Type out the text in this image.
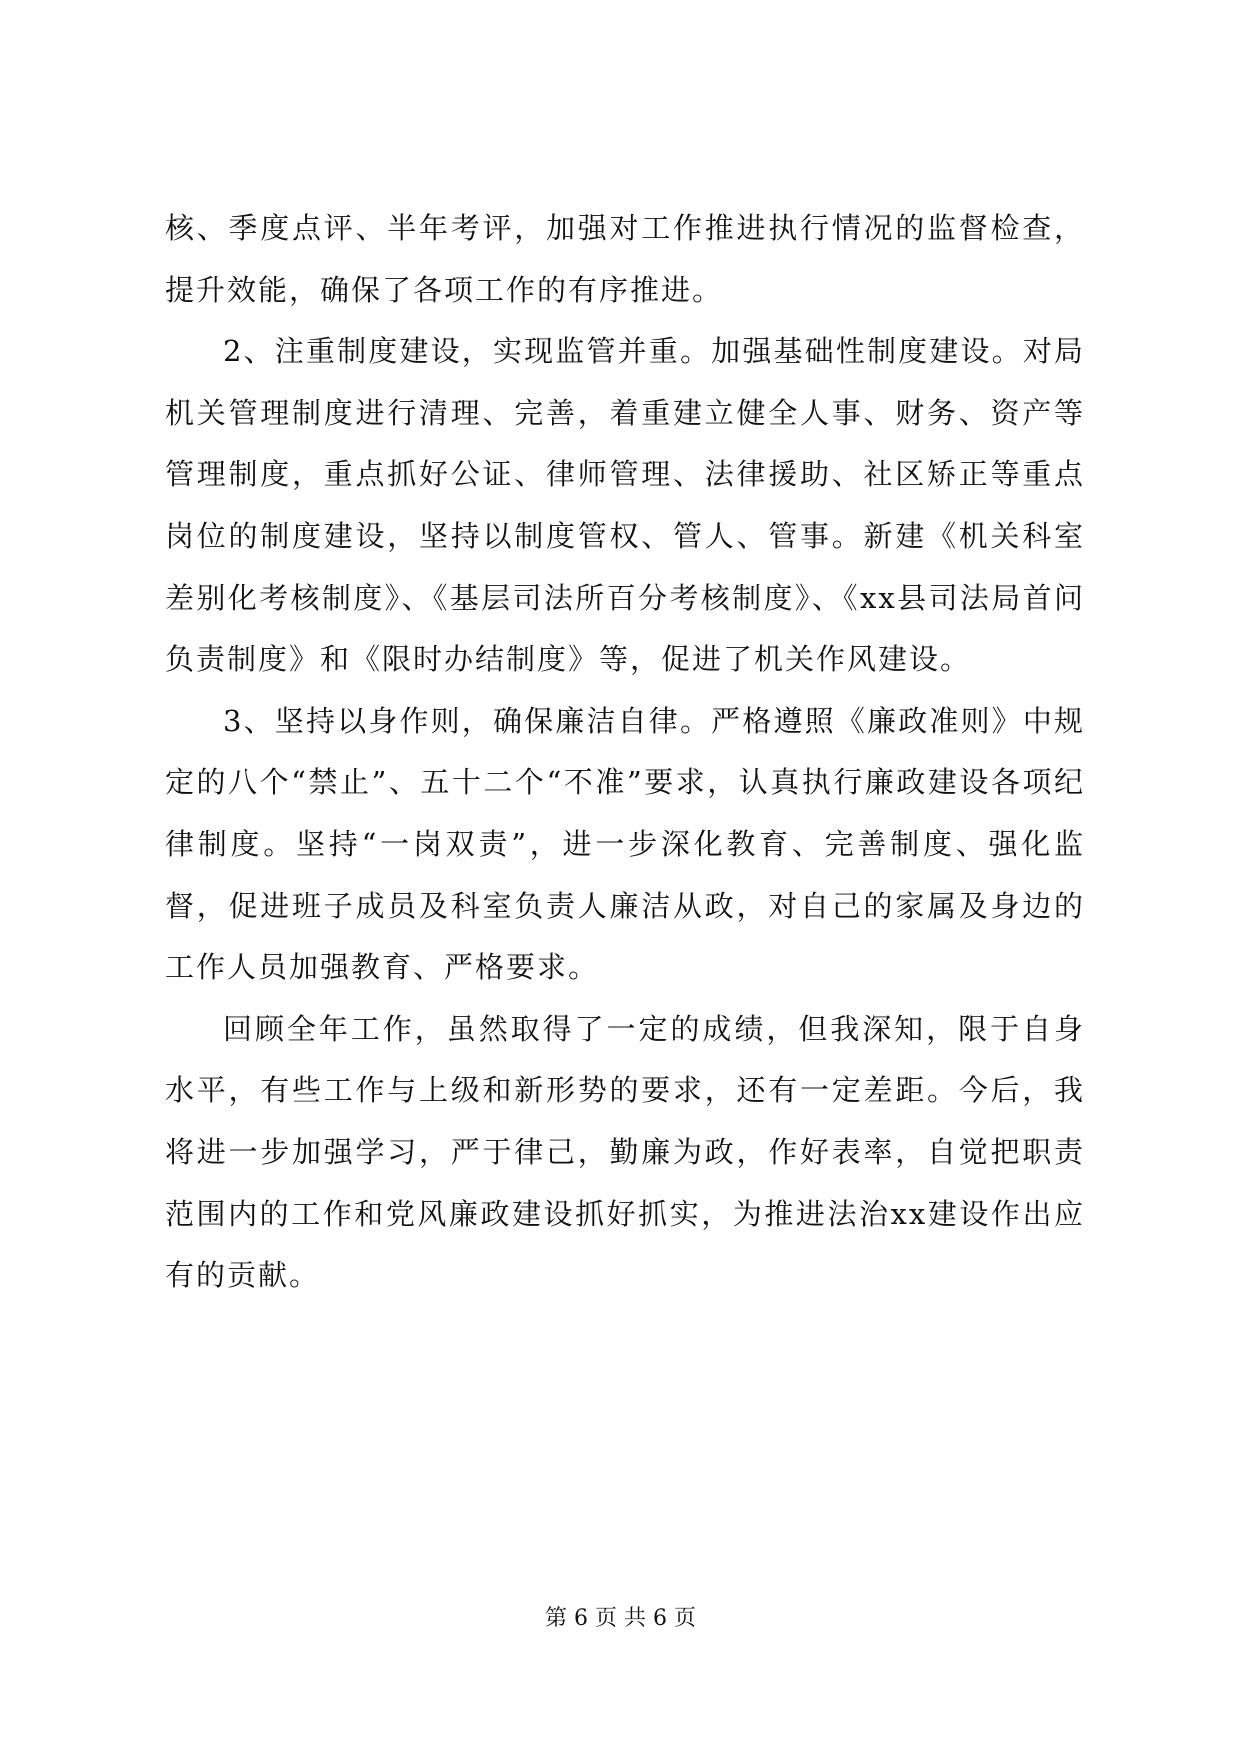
核、季度点评、半年考评，加强对工作推进执行情况的监督检查，提升效能，确保了各项工作的有序推进。

2、注重制度建设，实现监管并重。加强基础性制度建设。对局机关管理制度进行清理、完善，着重建立健全人事、财务、资产等管理制度，重点抓好公证、律师管理、法律援助、社区矫正等重点岗位的制度建设，坚持以制度管权、管人、管事。新建《机关科室差别化考核制度》、《基层司法所百分考核制度》、《xx县司法局首问负责制度》和《限时办结制度》等，促进了机关作风建设。

3、坚持以身作则，确保廉洁自律。严格遵照《廉政准则》中规定的八个“禁止”、五十二个“不准”要求，认真执行廉政建设各项纪律制度。坚持“一岗双责”，进一步深化教育、完善制度、强化监督，促进班子成员及科室负责人廉洁从政，对自己的家属及身边的工作人员加强教育、严格要求。

回顾全年工作，虽然取得了一定的成绩，但我深知，限于自身水平，有些工作与上级和新形势的要求，还有一定差距。今后，我将进一步加强学习，严于律己，勤廉为政，作好表率，自觉把职责范围内的工作和党风廉政建设抓好抓实，为推进法治xx建设作出应有的贡献。

第 6 页 共 6 页
